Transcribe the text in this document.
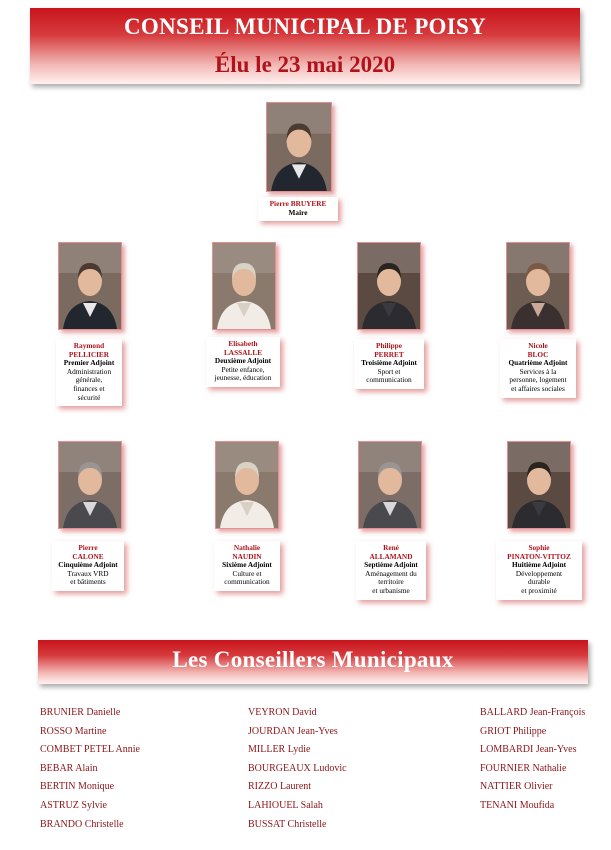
CONSEIL MUNICIPAL DE POISY
Élu le 23 mai 2020
Pierre BRUYERE
Maire
Raymond
PELLICIER
Premier Adjoint
Administration
générale,
finances et
sécurité
Elisabeth
LASSALLE
Deuxième Adjoint
Petite enfance,
jeunesse, éducation
Philippe
PERRET
Troisième Adjoint
Sport et
communication
Nicole
BLOC
Quatrième Adjoint
Services à la
personne, logement
et affaires sociales
Pierre
CALONE
Cinquième Adjoint
Travaux VRD
et bâtiments
Nathalie
NAUDIN
Sixième Adjoint
Culture et
communication
René
ALLAMAND
Septième Adjoint
Aménagement du
territoire
et urbanisme
Sophie
PINATON-VITTOZ
Huitième Adjoint
Développement
durable
et proximité
Les Conseillers Municipaux
BRUNIER Danielle
ROSSO Martine
COMBET PETEL Annie
BEBAR Alain
BERTIN Monique
ASTRUZ Sylvie
BRANDO Christelle
VEYRON David
JOURDAN Jean-Yves
MILLER Lydie
BOURGEAUX Ludovic
RIZZO Laurent
LAHIOUEL Salah
BUSSAT Christelle
BALLARD Jean-François
GRIOT Philippe
LOMBARDI Jean-Yves
FOURNIER Nathalie
NATTIER Olivier
TENANI Moufida
